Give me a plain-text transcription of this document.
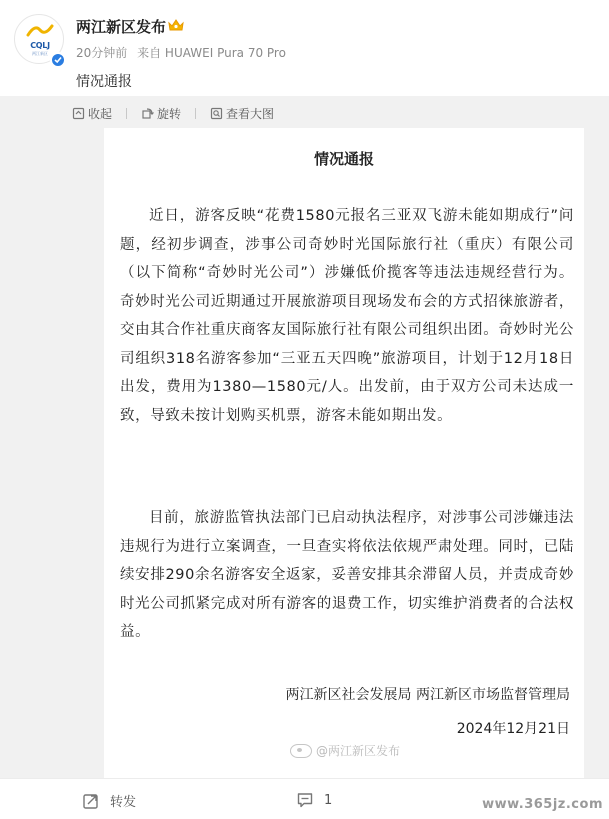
CQLJ
两江新区
两江新区发布
20分钟前 来自 HUAWEI Pura 70 Pro
情况通报
收起	旋转	查看大图
情况通报
近日，游客反映“花费1580元报名三亚双飞游未能如期成行”问题，经初步调查，涉事公司奇妙时光国际旅行社（重庆）有限公司（以下简称“奇妙时光公司”）涉嫌低价揽客等违法违规经营行为。奇妙时光公司近期通过开展旅游项目现场发布会的方式招徕旅游者，交由其合作社重庆商客友国际旅行社有限公司组织出团。奇妙时光公司组织318名游客参加“三亚五天四晚”旅游项目，计划于12月18日出发，费用为1380—1580元/人。出发前，由于双方公司未达成一致，导致未按计划购买机票，游客未能如期出发。
目前，旅游监管执法部门已启动执法程序，对涉事公司涉嫌违法违规行为进行立案调查，一旦查实将依法依规严肃处理。同时，已陆续安排290余名游客安全返家，妥善安排其余滞留人员，并责成奇妙时光公司抓紧完成对所有游客的退费工作，切实维护消费者的合法权益。
两江新区社会发展局 两江新区市场监督管理局
2024年12月21日
@两江新区发布
转发	1	www.365jz.com
